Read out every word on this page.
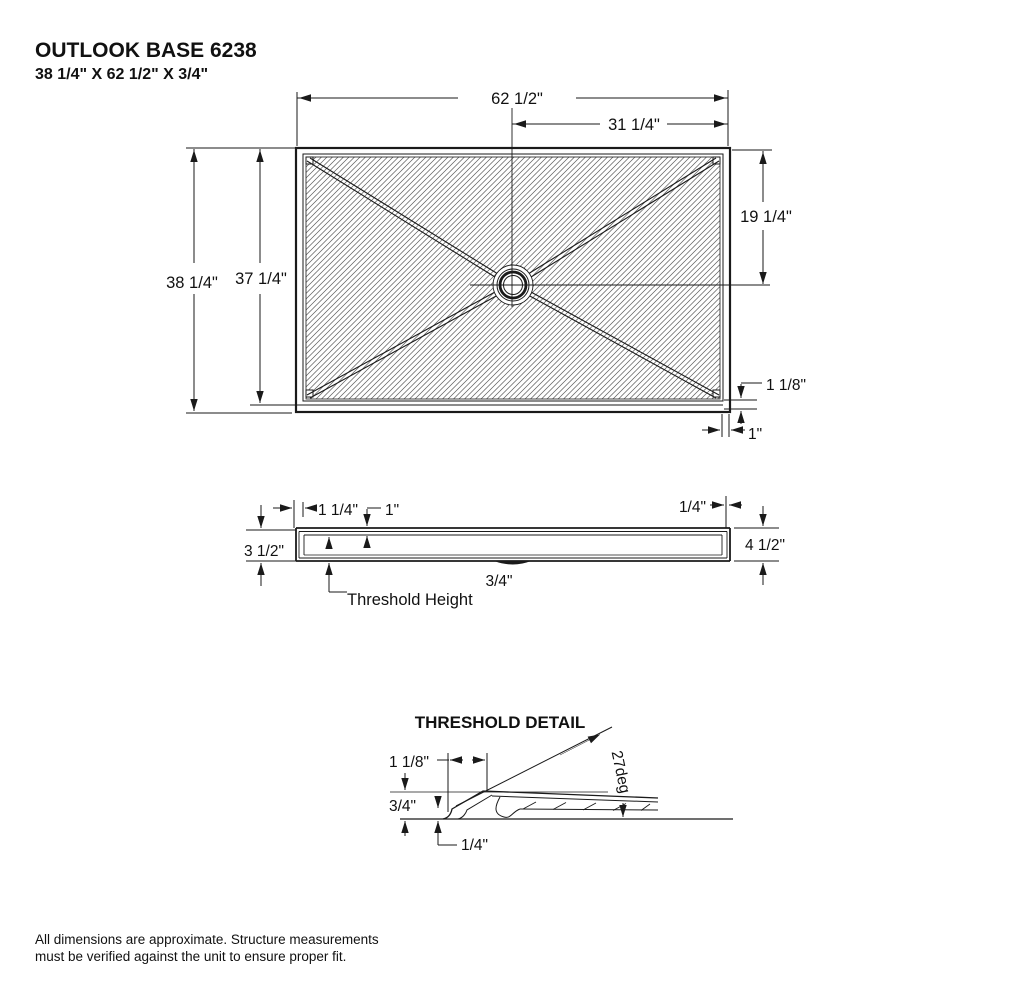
OUTLOOK BASE 6238
38 1/4" X 62 1/2" X 3/4"
62 1/2"
31 1/4"
38 1/4" 37 1/4"
19 1/4"
1 1/8"
1"
1 1/4" 1"	1/4"
3 1/2"	4 1/2"
3/4"
Threshold Height
THRESHOLD DETAIL
1 1/8"
3/4"
1/4"
27deg
All dimensions are approximate. Structure measurements
must be verified against the unit to ensure proper fit.
